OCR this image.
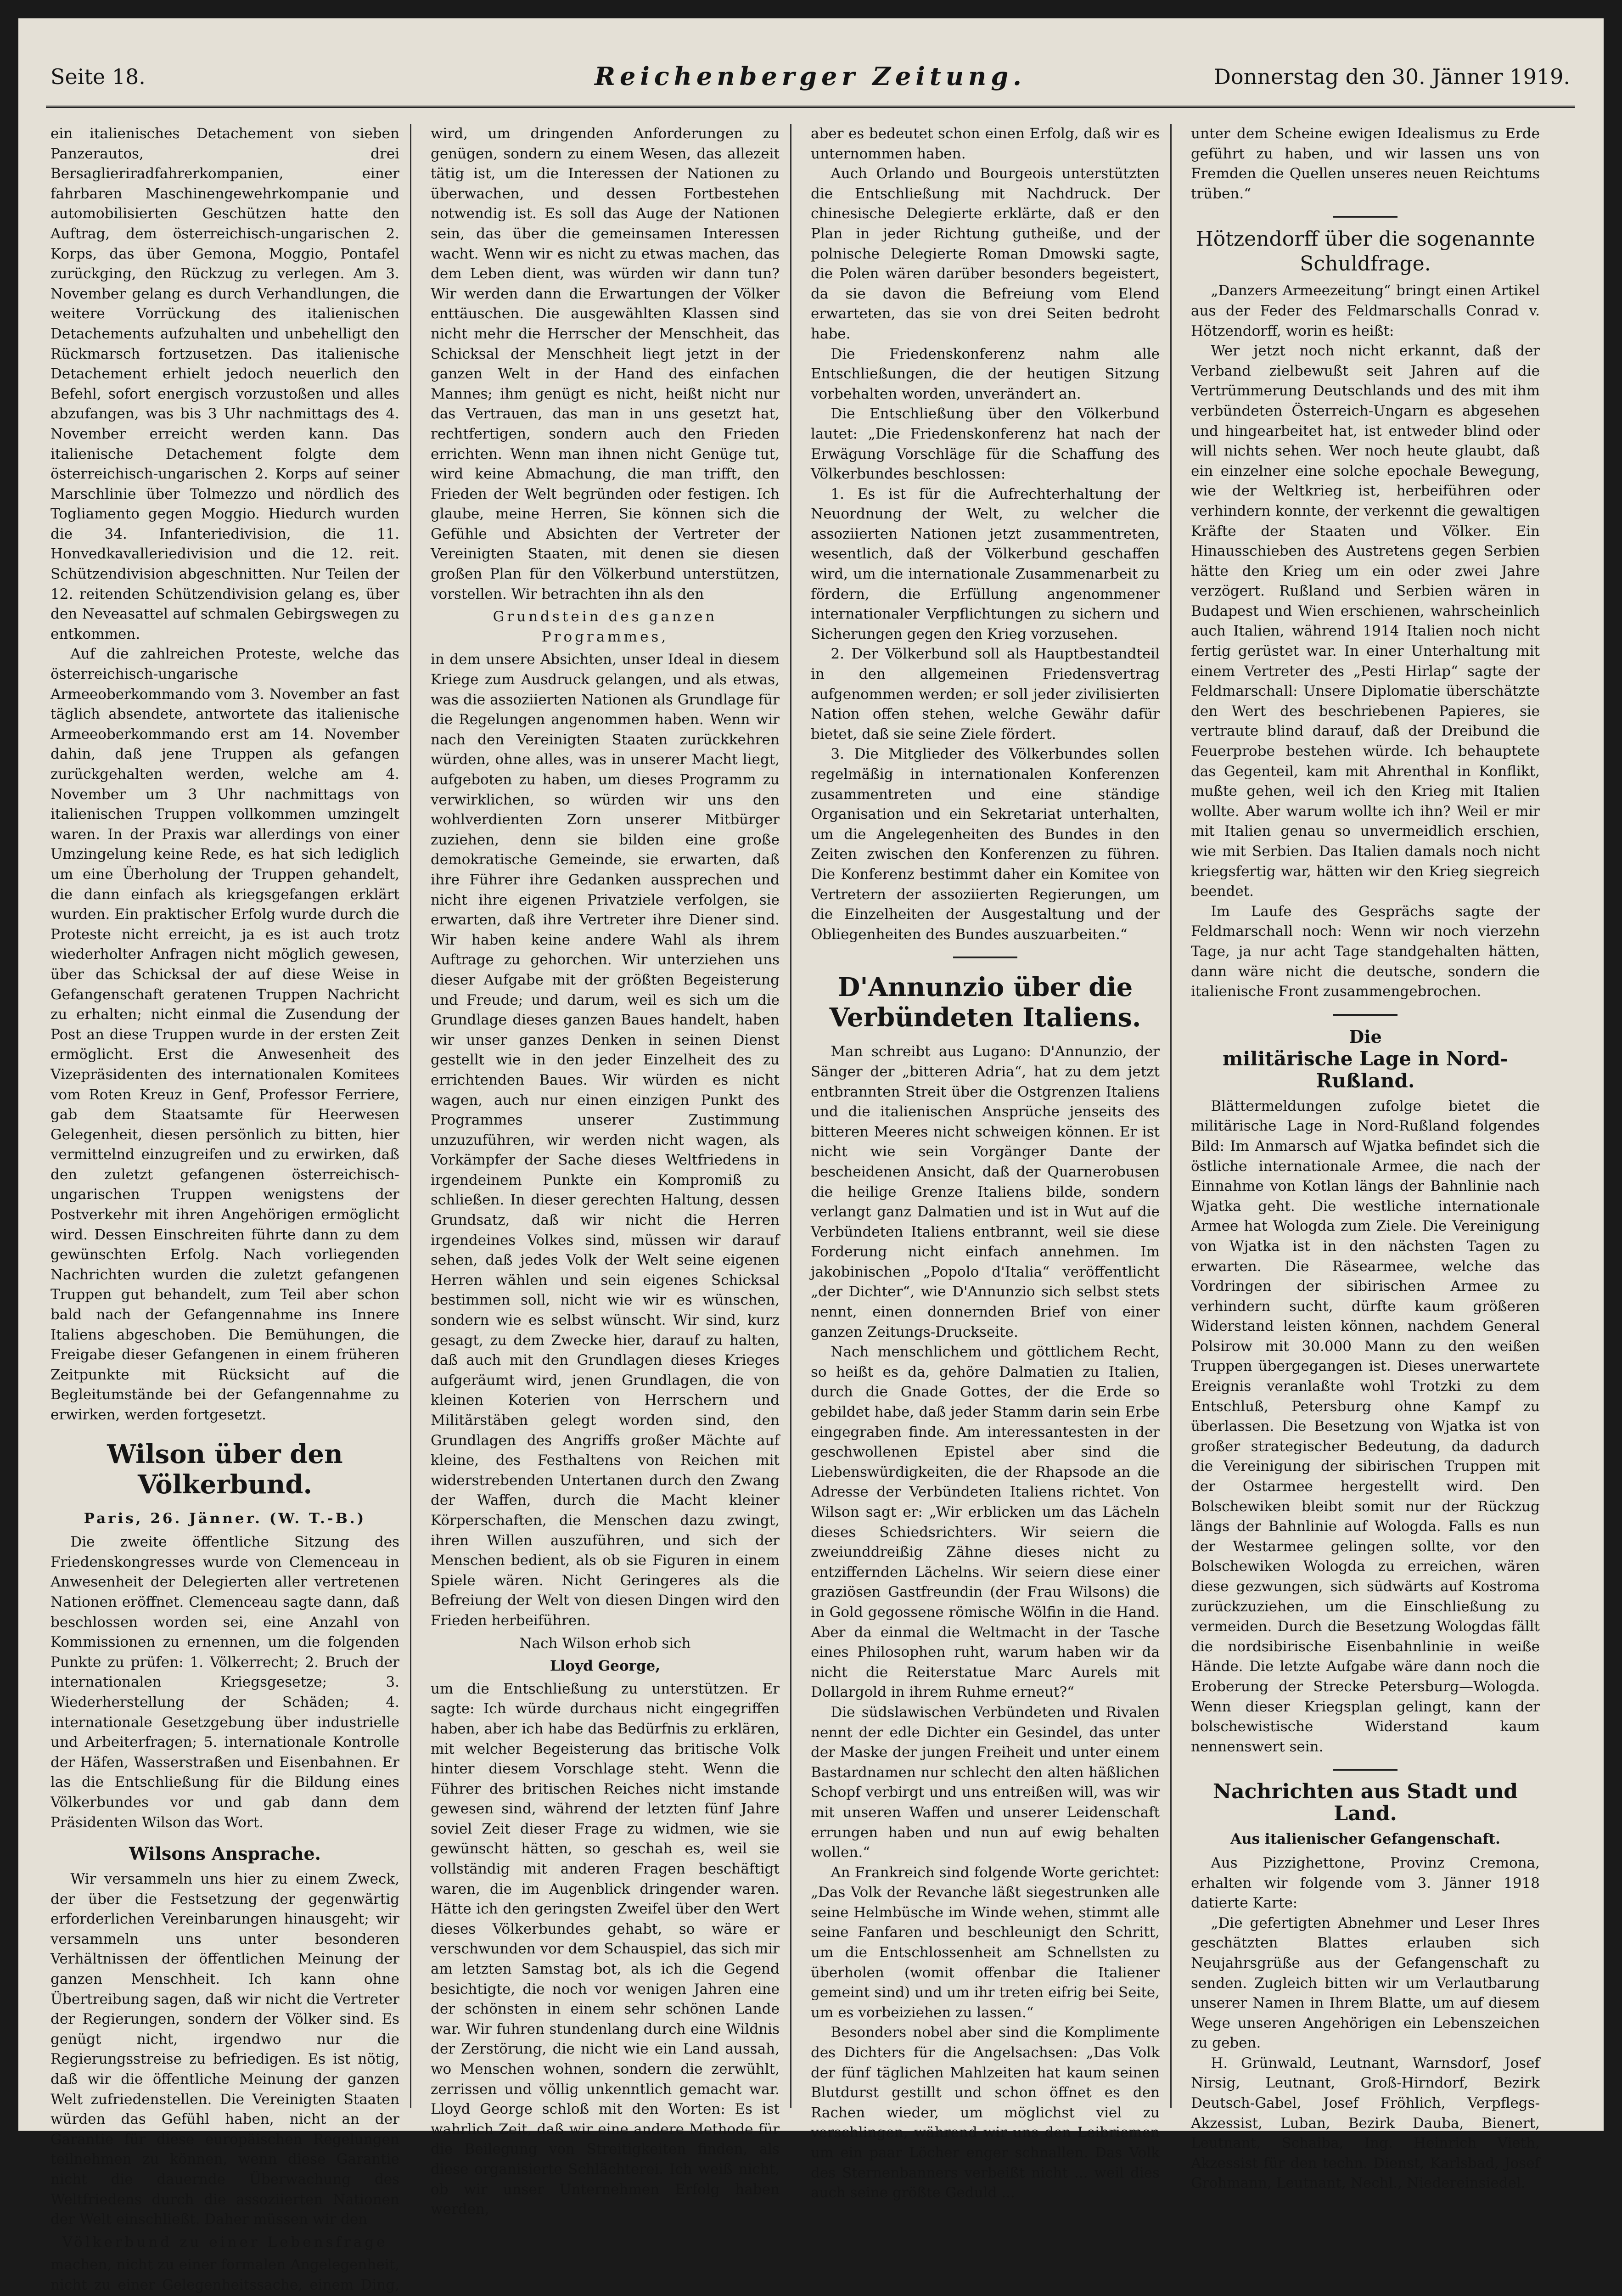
Seite 18.	Reichenberger Zeitung.	Donnerstag den 30. Jänner 1919.

ein italienisches Detachement von sieben Panzerautos, drei Bersaglieriradfahrerkompanien, einer fahrbaren Maschinengewehrkompanie und automobilisierten Geschützen hatte den Auftrag, dem österreichisch-ungarischen 2. Korps, das über Gemona, Moggio, Pontafel zurückging, den Rückzug zu verlegen. Am 3. November gelang es durch Verhandlungen, die weitere Vorrückung des italienischen Detachements aufzuhalten und unbehelligt den Rückmarsch fortzusetzen. Das italienische Detachement erhielt jedoch neuerlich den Befehl, sofort energisch vorzustoßen und alles abzufangen, was bis 3 Uhr nachmittags des 4. November erreicht werden kann. Das italienische Detachement folgte dem österreichisch-ungarischen 2. Korps auf seiner Marschlinie über Tolmezzo und nördlich des Togliamento gegen Moggio. Hiedurch wurden die 34. Infanteriedivision, die 11. Honvedkavalleriedivision und die 12. reit. Schützendivision abgeschnitten. Nur Teilen der 12. reitenden Schützendivision gelang es, über den Neveasattel auf schmalen Gebirgswegen zu entkommen.

Auf die zahlreichen Proteste, welche das österreichisch-ungarische Armeeoberkommando vom 3. November an fast täglich absendete, antwortete das italienische Armeeoberkommando erst am 14. November dahin, daß jene Truppen als gefangen zurückgehalten werden, welche am 4. November um 3 Uhr nachmittags von italienischen Truppen vollkommen umzingelt waren. In der Praxis war allerdings von einer Umzingelung keine Rede, es hat sich lediglich um eine Überholung der Truppen gehandelt, die dann einfach als kriegsgefangen erklärt wurden. Ein praktischer Erfolg wurde durch die Proteste nicht erreicht, ja es ist auch trotz wiederholter Anfragen nicht möglich gewesen, über das Schicksal der auf diese Weise in Gefangenschaft geratenen Truppen Nachricht zu erhalten; nicht einmal die Zusendung der Post an diese Truppen wurde in der ersten Zeit ermöglicht. Erst die Anwesenheit des Vizepräsidenten des internationalen Komitees vom Roten Kreuz in Genf, Professor Ferriere, gab dem Staatsamte für Heerwesen Gelegenheit, diesen persönlich zu bitten, hier vermittelnd einzugreifen und zu erwirken, daß den zuletzt gefangenen österreichisch-ungarischen Truppen wenigstens der Postverkehr mit ihren Angehörigen ermöglicht wird. Dessen Einschreiten führte dann zu dem gewünschten Erfolg. Nach vorliegenden Nachrichten wurden die zuletzt gefangenen Truppen gut behandelt, zum Teil aber schon bald nach der Gefangennahme ins Innere Italiens abgeschoben. Die Bemühungen, die Freigabe dieser Gefangenen in einem früheren Zeitpunkte mit Rücksicht auf die Begleitumstände bei der Gefangennahme zu erwirken, werden fortgesetzt.

Wilson über den Völkerbund.
Paris, 26. Jänner. (W. T.-B.)

Die zweite öffentliche Sitzung des Friedenskongresses wurde von Clemenceau in Anwesenheit der Delegierten aller vertretenen Nationen eröffnet. Clemenceau sagte dann, daß beschlossen worden sei, eine Anzahl von Kommissionen zu ernennen, um die folgenden Punkte zu prüfen: 1. Völkerrecht; 2. Bruch der internationalen Kriegsgesetze; 3. Wiederherstellung der Schäden; 4. internationale Gesetzgebung über industrielle und Arbeiterfragen; 5. internationale Kontrolle der Häfen, Wasserstraßen und Eisenbahnen. Er las die Entschließung für die Bildung eines Völkerbundes vor und gab dann dem Präsidenten Wilson das Wort.

Wilsons Ansprache.

Wir versammeln uns hier zu einem Zweck, der über die Festsetzung der gegenwärtig erforderlichen Vereinbarungen hinausgeht; wir versammeln uns unter besonderen Verhältnissen der öffentlichen Meinung der ganzen Menschheit. Ich kann ohne Übertreibung sagen, daß wir nicht die Vertreter der Regierungen, sondern der Völker sind. Es genügt nicht, irgendwo nur die Regierungsstreise zu befriedigen. Es ist nötig, daß wir die öffentliche Meinung der ganzen Welt zufriedenstellen. Die Vereinigten Staaten würden das Gefühl haben, nicht an der Garantie für diese europäischen Regelungen teilnehmen zu können, wenn diese Garantie nicht die dauernde Überwachung des Weltfriedens durch die assoziierten Nationen der Welt einschließt. Daher müssen wir den

Völkerbund zu einer Lebensfrage

machen, nicht zu einer formalen Angelegenheit, nicht zu einer Gelegenheitssache, einem Ding,

wird, um dringenden Anforderungen zu genügen, sondern zu einem Wesen, das allezeit tätig ist, um die Interessen der Nationen zu überwachen, und dessen Fortbestehen notwendig ist. Es soll das Auge der Nationen sein, das über die gemeinsamen Interessen wacht. Wenn wir es nicht zu etwas machen, das dem Leben dient, was würden wir dann tun? Wir werden dann die Erwartungen der Völker enttäuschen. Die ausgewählten Klassen sind nicht mehr die Herrscher der Menschheit, das Schicksal der Menschheit liegt jetzt in der ganzen Welt in der Hand des einfachen Mannes; ihm genügt es nicht, heißt nicht nur das Vertrauen, das man in uns gesetzt hat, rechtfertigen, sondern auch den Frieden errichten. Wenn man ihnen nicht Genüge tut, wird keine Abmachung, die man trifft, den Frieden der Welt begründen oder festigen. Ich glaube, meine Herren, Sie können sich die Gefühle und Absichten der Vertreter der Vereinigten Staaten, mit denen sie diesen großen Plan für den Völkerbund unterstützen, vorstellen. Wir betrachten ihn als den

Grundstein des ganzen Programmes,

in dem unsere Absichten, unser Ideal in diesem Kriege zum Ausdruck gelangen, und als etwas, was die assoziierten Nationen als Grundlage für die Regelungen angenommen haben. Wenn wir nach den Vereinigten Staaten zurückkehren würden, ohne alles, was in unserer Macht liegt, aufgeboten zu haben, um dieses Programm zu verwirklichen, so würden wir uns den wohlverdienten Zorn unserer Mitbürger zuziehen, denn sie bilden eine große demokratische Gemeinde, sie erwarten, daß ihre Führer ihre Gedanken aussprechen und nicht ihre eigenen Privatziele verfolgen, sie erwarten, daß ihre Vertreter ihre Diener sind. Wir haben keine andere Wahl als ihrem Auftrage zu gehorchen. Wir unterziehen uns dieser Aufgabe mit der größten Begeisterung und Freude; und darum, weil es sich um die Grundlage dieses ganzen Baues handelt, haben wir unser ganzes Denken in seinen Dienst gestellt wie in den jeder Einzelheit des zu errichtenden Baues. Wir würden es nicht wagen, auch nur einen einzigen Punkt des Programmes unserer Zustimmung unzuzuführen, wir werden nicht wagen, als Vorkämpfer der Sache dieses Weltfriedens in irgendeinem Punkte ein Kompromiß zu schließen. In dieser gerechten Haltung, dessen Grundsatz, daß wir nicht die Herren irgendeines Volkes sind, müssen wir darauf sehen, daß jedes Volk der Welt seine eigenen Herren wählen und sein eigenes Schicksal bestimmen soll, nicht wie wir es wünschen, sondern wie es selbst wünscht. Wir sind, kurz gesagt, zu dem Zwecke hier, darauf zu halten, daß auch mit den Grundlagen dieses Krieges aufgeräumt wird, jenen Grundlagen, die von kleinen Koterien von Herrschern und Militärstäben gelegt worden sind, den Grundlagen des Angriffs großer Mächte auf kleine, des Festhaltens von Reichen mit widerstrebenden Untertanen durch den Zwang der Waffen, durch die Macht kleiner Körperschaften, die Menschen dazu zwingt, ihren Willen auszuführen, und sich der Menschen bedient, als ob sie Figuren in einem Spiele wären. Nicht Geringeres als die Befreiung der Welt von diesen Dingen wird den Frieden herbeiführen.

Nach Wilson erhob sich

Lloyd George,

um die Entschließung zu unterstützen. Er sagte: Ich würde durchaus nicht eingegriffen haben, aber ich habe das Bedürfnis zu erklären, mit welcher Begeisterung das britische Volk hinter diesem Vorschlage steht. Wenn die Führer des britischen Reiches nicht imstande gewesen sind, während der letzten fünf Jahre soviel Zeit dieser Frage zu widmen, wie sie gewünscht hätten, so geschah es, weil sie vollständig mit anderen Fragen beschäftigt waren, die im Augenblick dringender waren. Hätte ich den geringsten Zweifel über den Wert dieses Völkerbundes gehabt, so wäre er verschwunden vor dem Schauspiel, das sich mir am letzten Samstag bot, als ich die Gegend besichtigte, die noch vor wenigen Jahren eine der schönsten in einem sehr schönen Lande war. Wir fuhren stundenlang durch eine Wildnis der Zerstörung, die nicht wie ein Land aussah, wo Menschen wohnen, sondern die zerwühlt, zerrissen und völlig unkenntlich gemacht war. Lloyd George schloß mit den Worten: Es ist wahrlich Zeit, daß wir eine andere Methode für die Beilegung von Streitigkeiten finden, als diese organisierte Schlächterei. Ich weiß nicht, ob wir unser Unternehmen Erfolg haben werden,

aber es bedeutet schon einen Erfolg, daß wir es unternommen haben.

Auch Orlando und Bourgeois unterstützten die Entschließung mit Nachdruck. Der chinesische Delegierte erklärte, daß er den Plan in jeder Richtung gutheiße, und der polnische Delegierte Roman Dmowski sagte, die Polen wären darüber besonders begeistert, da sie davon die Befreiung vom Elend erwarteten, das sie von drei Seiten bedroht habe.

Die Friedenskonferenz nahm alle Entschließungen, die der heutigen Sitzung vorbehalten worden, unverändert an.

Die Entschließung über den Völkerbund lautet: „Die Friedenskonferenz hat nach der Erwägung Vorschläge für die Schaffung des Völkerbundes beschlossen:

1. Es ist für die Aufrechterhaltung der Neuordnung der Welt, zu welcher die assoziierten Nationen jetzt zusammentreten, wesentlich, daß der Völkerbund geschaffen wird, um die internationale Zusammenarbeit zu fördern, die Erfüllung angenommener internationaler Verpflichtungen zu sichern und Sicherungen gegen den Krieg vorzusehen.

2. Der Völkerbund soll als Hauptbestandteil in den allgemeinen Friedensvertrag aufgenommen werden; er soll jeder zivilisierten Nation offen stehen, welche Gewähr dafür bietet, daß sie seine Ziele fördert.

3. Die Mitglieder des Völkerbundes sollen regelmäßig in internationalen Konferenzen zusammentreten und eine ständige Organisation und ein Sekretariat unterhalten, um die Angelegenheiten des Bundes in den Zeiten zwischen den Konferenzen zu führen. Die Konferenz bestimmt daher ein Komitee von Vertretern der assoziierten Regierungen, um die Einzelheiten der Ausgestaltung und der Obliegenheiten des Bundes auszuarbeiten.“

D'Annunzio über die Verbündeten Italiens.

Man schreibt aus Lugano: D'Annunzio, der Sänger der „bitteren Adria“, hat zu dem jetzt entbrannten Streit über die Ostgrenzen Italiens und die italienischen Ansprüche jenseits des bitteren Meeres nicht schweigen können. Er ist nicht wie sein Vorgänger Dante der bescheidenen Ansicht, daß der Quarnerobusen die heilige Grenze Italiens bilde, sondern verlangt ganz Dalmatien und ist in Wut auf die Verbündeten Italiens entbrannt, weil sie diese Forderung nicht einfach annehmen. Im jakobinischen „Popolo d'Italia“ veröffentlicht „der Dichter“, wie D'Annunzio sich selbst stets nennt, einen donnernden Brief von einer ganzen Zeitungs-Druckseite.

Nach menschlichem und göttlichem Recht, so heißt es da, gehöre Dalmatien zu Italien, durch die Gnade Gottes, der die Erde so gebildet habe, daß jeder Stamm darin sein Erbe eingegraben finde. Am interessantesten in der geschwollenen Epistel aber sind die Liebenswürdigkeiten, die der Rhapsode an die Adresse der Verbündeten Italiens richtet. Von Wilson sagt er: „Wir erblicken um das Lächeln dieses Schiedsrichters. Wir seiern die zweiunddreißig Zähne dieses nicht zu entziffernden Lächelns. Wir seiern diese einer graziösen Gastfreundin (der Frau Wilsons) die in Gold gegossene römische Wölfin in die Hand. Aber da einmal die Weltmacht in der Tasche eines Philosophen ruht, warum haben wir da nicht die Reiterstatue Marc Aurels mit Dollargold in ihrem Ruhme erneut?“

Die südslawischen Verbündeten und Rivalen nennt der edle Dichter ein Gesindel, das unter der Maske der jungen Freiheit und unter einem Bastardnamen nur schlecht den alten häßlichen Schopf verbirgt und uns entreißen will, was wir mit unseren Waffen und unserer Leidenschaft errungen haben und nun auf ewig behalten wollen.“

An Frankreich sind folgende Worte gerichtet: „Das Volk der Revanche läßt siegestrunken alle seine Helmbüsche im Winde wehen, stimmt alle seine Fanfaren und beschleunigt den Schritt, um die Entschlossenheit am Schnellsten zu überholen (womit offenbar die Italiener gemeint sind) und um ihr treten eifrig bei Seite, um es vorbeiziehen zu lassen.“

Besonders nobel aber sind die Komplimente des Dichters für die Angelsachsen: „Das Volk der fünf täglichen Mahlzeiten hat kaum seinen Blutdurst gestillt und schon öffnet es den Rachen wieder, um möglichst viel zu verschlingen, während wir uns den Leibriemen um ein paar Löcher enger schnallen. Das Volk des Sternenbanners verbeißt nicht ... weil dies auch seine größte Geduld ...

unter dem Scheine ewigen Idealismus zu Erde geführt zu haben, und wir lassen uns von Fremden die Quellen unseres neuen Reichtums trüben.“

Hötzendorff über die sogenannte Schuldfrage.

„Danzers Armeezeitung“ bringt einen Artikel aus der Feder des Feldmarschalls Conrad v. Hötzendorff, worin es heißt:

Wer jetzt noch nicht erkannt, daß der Verband zielbewußt seit Jahren auf die Vertrümmerung Deutschlands und des mit ihm verbündeten Österreich-Ungarn es abgesehen und hingearbeitet hat, ist entweder blind oder will nichts sehen. Wer noch heute glaubt, daß ein einzelner eine solche epochale Bewegung, wie der Weltkrieg ist, herbeiführen oder verhindern konnte, der verkennt die gewaltigen Kräfte der Staaten und Völker. Ein Hinausschieben des Austretens gegen Serbien hätte den Krieg um ein oder zwei Jahre verzögert. Rußland und Serbien wären in Budapest und Wien erschienen, wahrscheinlich auch Italien, während 1914 Italien noch nicht fertig gerüstet war. In einer Unterhaltung mit einem Vertreter des „Pesti Hirlap“ sagte der Feldmarschall: Unsere Diplomatie überschätzte den Wert des beschriebenen Papieres, sie vertraute blind darauf, daß der Dreibund die Feuerprobe bestehen würde. Ich behauptete das Gegenteil, kam mit Ahrenthal in Konflikt, mußte gehen, weil ich den Krieg mit Italien wollte. Aber warum wollte ich ihn? Weil er mir mit Italien genau so unvermeidlich erschien, wie mit Serbien. Das Italien damals noch nicht kriegsfertig war, hätten wir den Krieg siegreich beendet.

Im Laufe des Gesprächs sagte der Feldmarschall noch: Wenn wir noch vierzehn Tage, ja nur acht Tage standgehalten hätten, dann wäre nicht die deutsche, sondern die italienische Front zusammengebrochen.

Die
militärische Lage in Nord-Rußland.

Blättermeldungen zufolge bietet die militärische Lage in Nord-Rußland folgendes Bild: Im Anmarsch auf Wjatka befindet sich die östliche internationale Armee, die nach der Einnahme von Kotlan längs der Bahnlinie nach Wjatka geht. Die westliche internationale Armee hat Wologda zum Ziele. Die Vereinigung von Wjatka ist in den nächsten Tagen zu erwarten. Die Räsearmee, welche das Vordringen der sibirischen Armee zu verhindern sucht, dürfte kaum größeren Widerstand leisten können, nachdem General Polsirow mit 30.000 Mann zu den weißen Truppen übergegangen ist. Dieses unerwartete Ereignis veranlaßte wohl Trotzki zu dem Entschluß, Petersburg ohne Kampf zu überlassen. Die Besetzung von Wjatka ist von großer strategischer Bedeutung, da dadurch die Vereinigung der sibirischen Truppen mit der Ostarmee hergestellt wird. Den Bolschewiken bleibt somit nur der Rückzug längs der Bahnlinie auf Wologda. Falls es nun der Westarmee gelingen sollte, vor den Bolschewiken Wologda zu erreichen, wären diese gezwungen, sich südwärts auf Kostroma zurückzuziehen, um die Einschließung zu vermeiden. Durch die Besetzung Wologdas fällt die nordsibirische Eisenbahnlinie in weiße Hände. Die letzte Aufgabe wäre dann noch die Eroberung der Strecke Petersburg—Wologda. Wenn dieser Kriegsplan gelingt, kann der bolschewistische Widerstand kaum nennenswert sein.

Nachrichten aus Stadt und Land.
Aus italienischer Gefangenschaft.

Aus Pizzighettone, Provinz Cremona, erhalten wir folgende vom 3. Jänner 1918 datierte Karte:

„Die gefertigten Abnehmer und Leser Ihres geschätzten Blattes erlauben sich Neujahrsgrüße aus der Gefangenschaft zu senden. Zugleich bitten wir um Verlautbarung unserer Namen in Ihrem Blatte, um auf diesem Wege unseren Angehörigen ein Lebenszeichen zu geben.

H. Grünwald, Leutnant, Warnsdorf, Josef Nirsig, Leutnant, Groß-Hirndorf, Bezirk Deutsch-Gabel, Josef Fröhlich, Verpflegs-Akzessist, Luban, Bezirk Dauba, Bienert, Leutnant, Schaiba, Ing. Heinrich Vieth, Akzessist für den techn. Dienst, Karlsbad, Josef Grohmann, Leutnant, Nechl., Niedereinsiedel.
